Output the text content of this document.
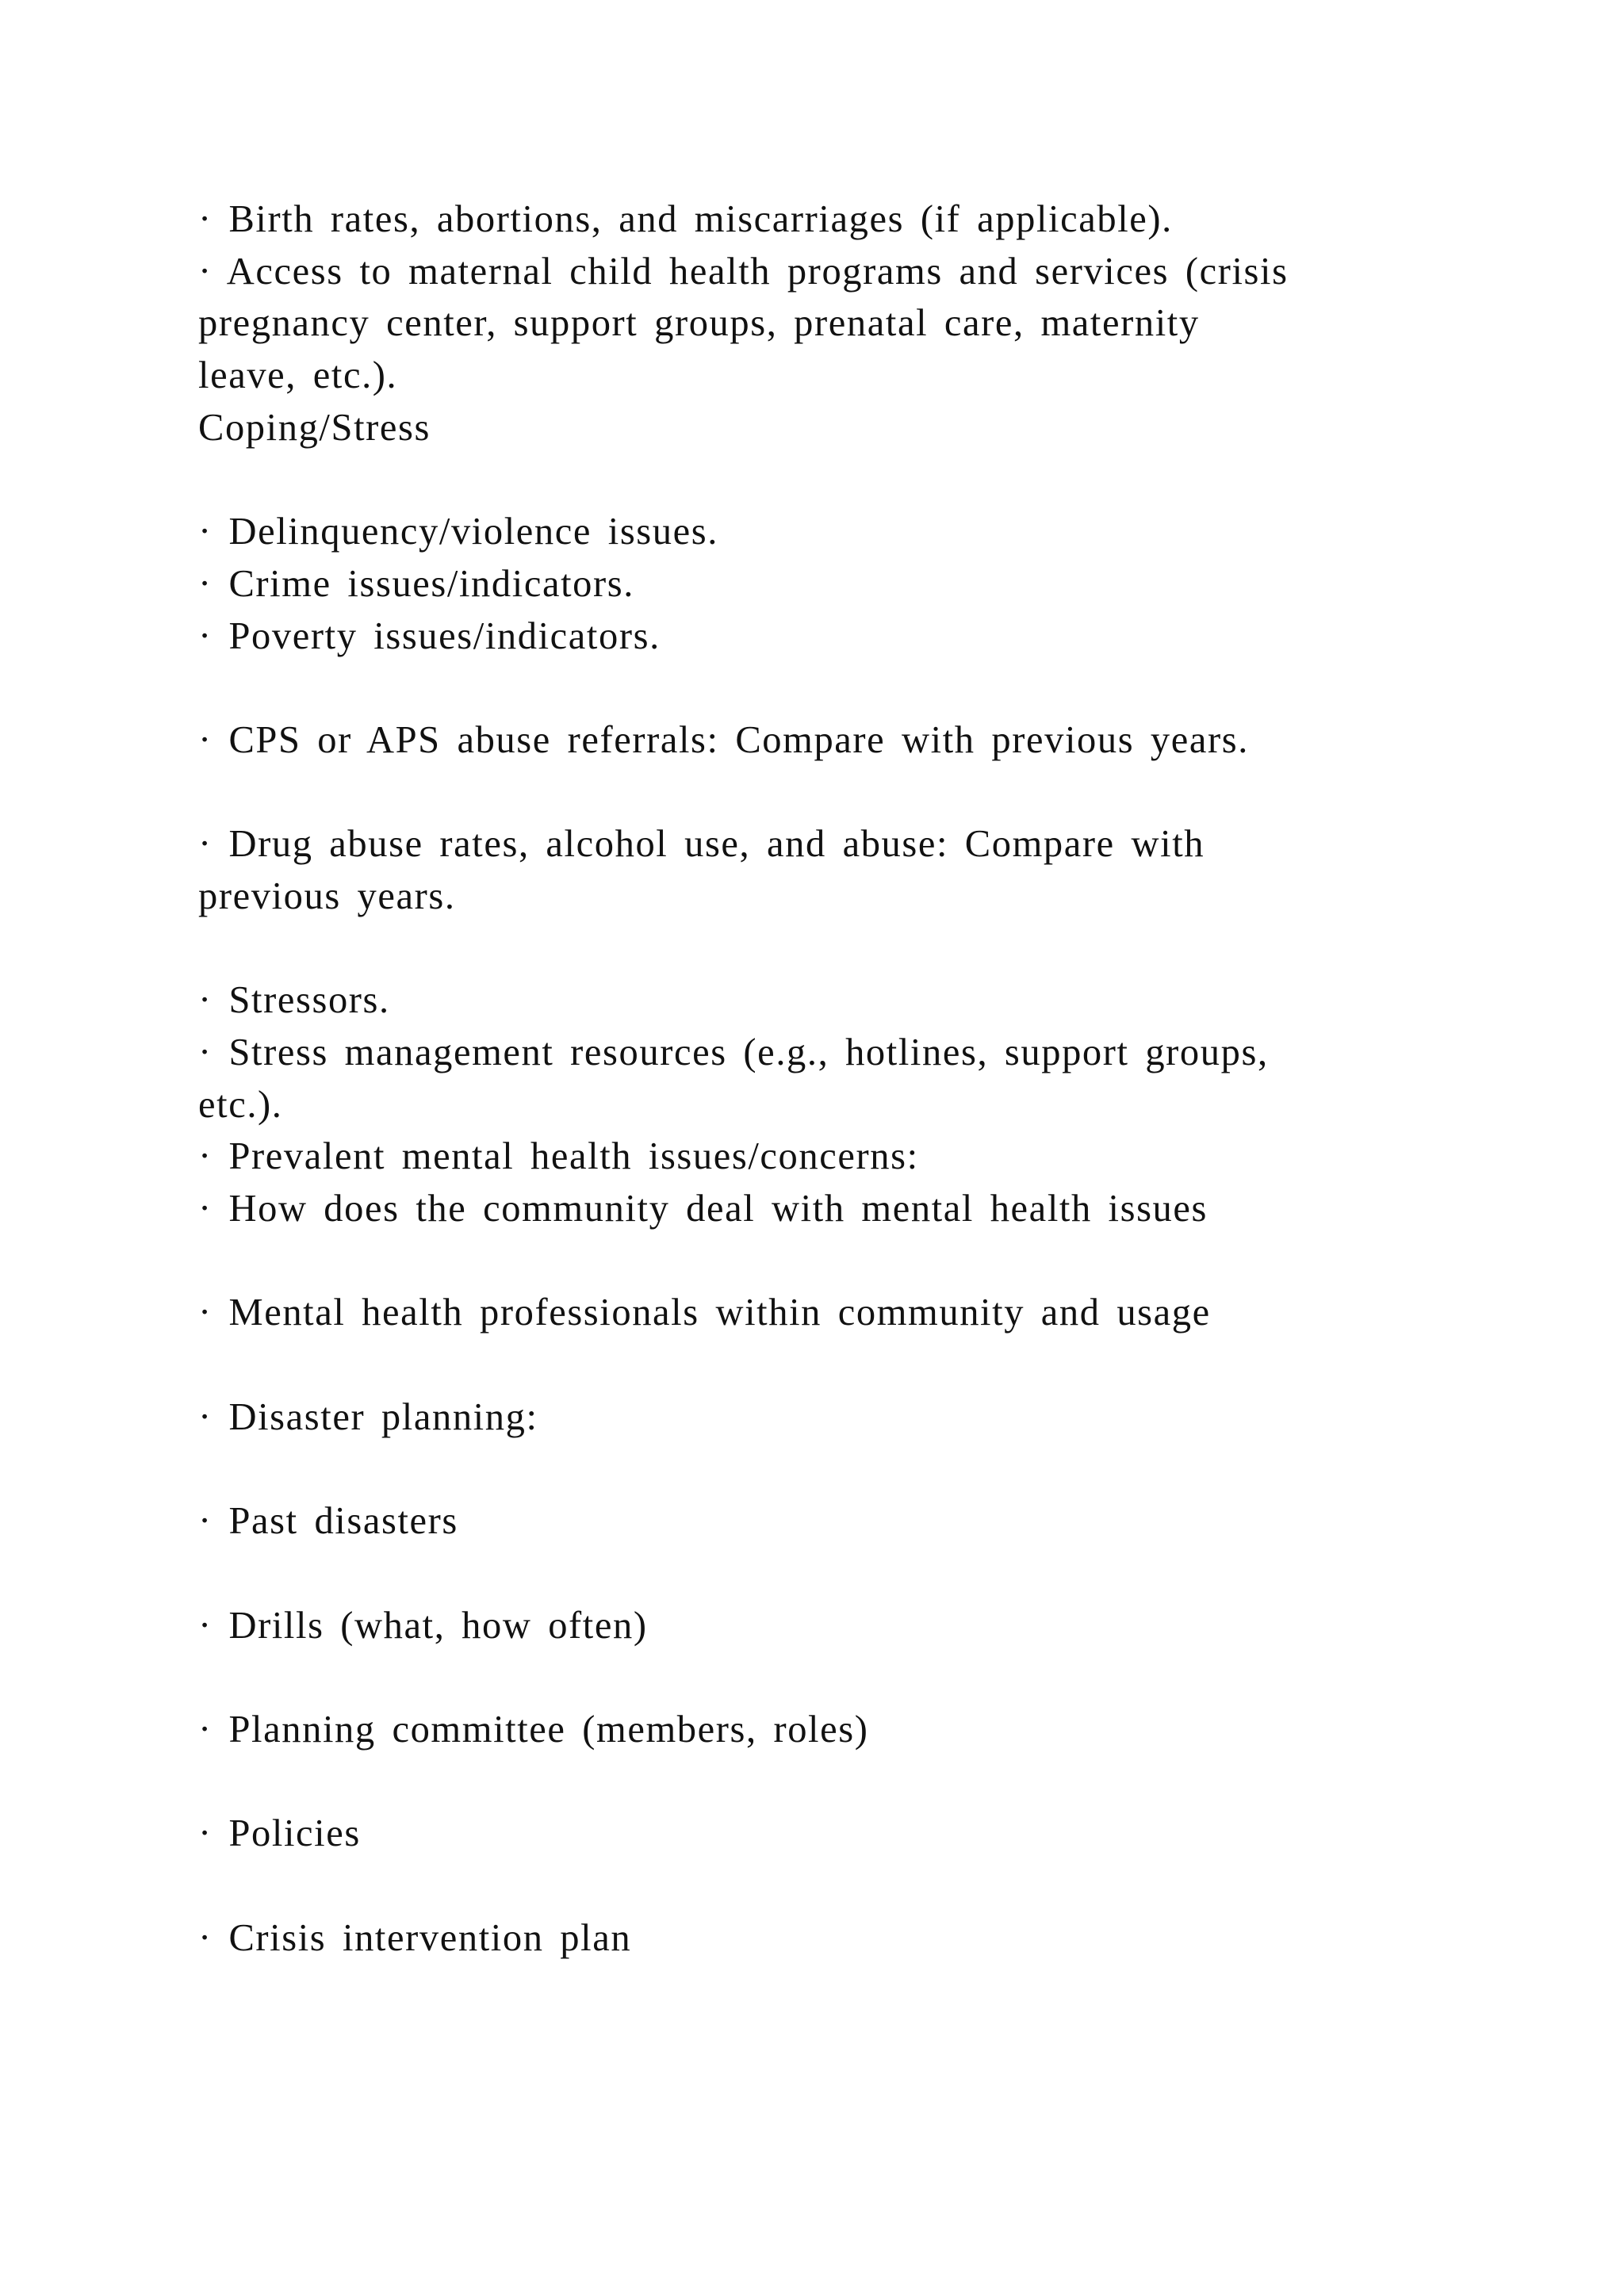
· Birth rates, abortions, and miscarriages (if applicable).
· Access to maternal child health programs and services (crisis
pregnancy center, support groups, prenatal care, maternity
leave, etc.).
Coping/Stress
· Delinquency/violence issues.
· Crime issues/indicators.
· Poverty issues/indicators.
· CPS or APS abuse referrals: Compare with previous years.
· Drug abuse rates, alcohol use, and abuse: Compare with
previous years.
· Stressors.
· Stress management resources (e.g., hotlines, support groups,
etc.).
· Prevalent mental health issues/concerns:
· How does the community deal with mental health issues
· Mental health professionals within community and usage
· Disaster planning:
· Past disasters
· Drills (what, how often)
· Planning committee (members, roles)
· Policies
· Crisis intervention plan
